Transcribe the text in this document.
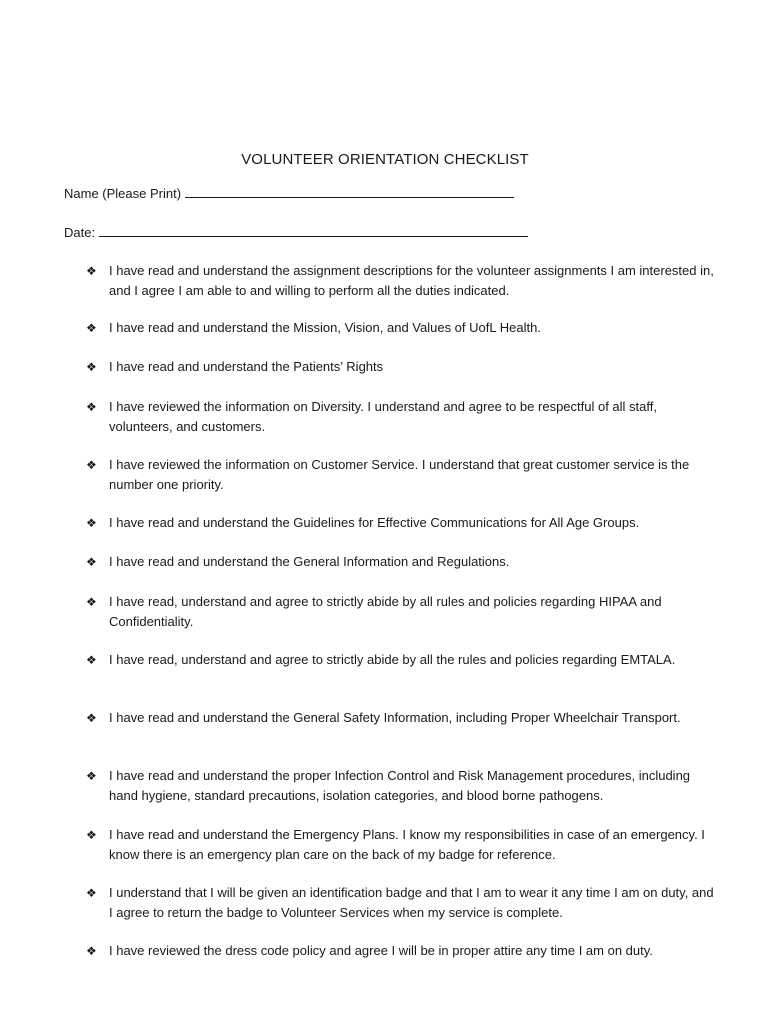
VOLUNTEER ORIENTATION CHECKLIST
Name (Please Print)
Date:
❖ I have read and understand the assignment descriptions for the volunteer assignments I am interested in, and I agree I am able to and willing to perform all the duties indicated.
❖ I have read and understand the Mission, Vision, and Values of UofL Health.
❖ I have read and understand the Patients’ Rights
❖ I have reviewed the information on Diversity. I understand and agree to be respectful of all staff, volunteers, and customers.
❖ I have reviewed the information on Customer Service. I understand that great customer service is the number one priority.
❖ I have read and understand the Guidelines for Effective Communications for All Age Groups.
❖ I have read and understand the General Information and Regulations.
❖ I have read, understand and agree to strictly abide by all rules and policies regarding HIPAA and Confidentiality.
❖ I have read, understand and agree to strictly abide by all the rules and policies regarding EMTALA.
❖ I have read and understand the General Safety Information, including Proper Wheelchair Transport.
❖ I have read and understand the proper Infection Control and Risk Management procedures, including hand hygiene, standard precautions, isolation categories, and blood borne pathogens.
❖ I have read and understand the Emergency Plans. I know my responsibilities in case of an emergency. I know there is an emergency plan care on the back of my badge for reference.
❖ I understand that I will be given an identification badge and that I am to wear it any time I am on duty, and I agree to return the badge to Volunteer Services when my service is complete.
❖ I have reviewed the dress code policy and agree I will be in proper attire any time I am on duty.
